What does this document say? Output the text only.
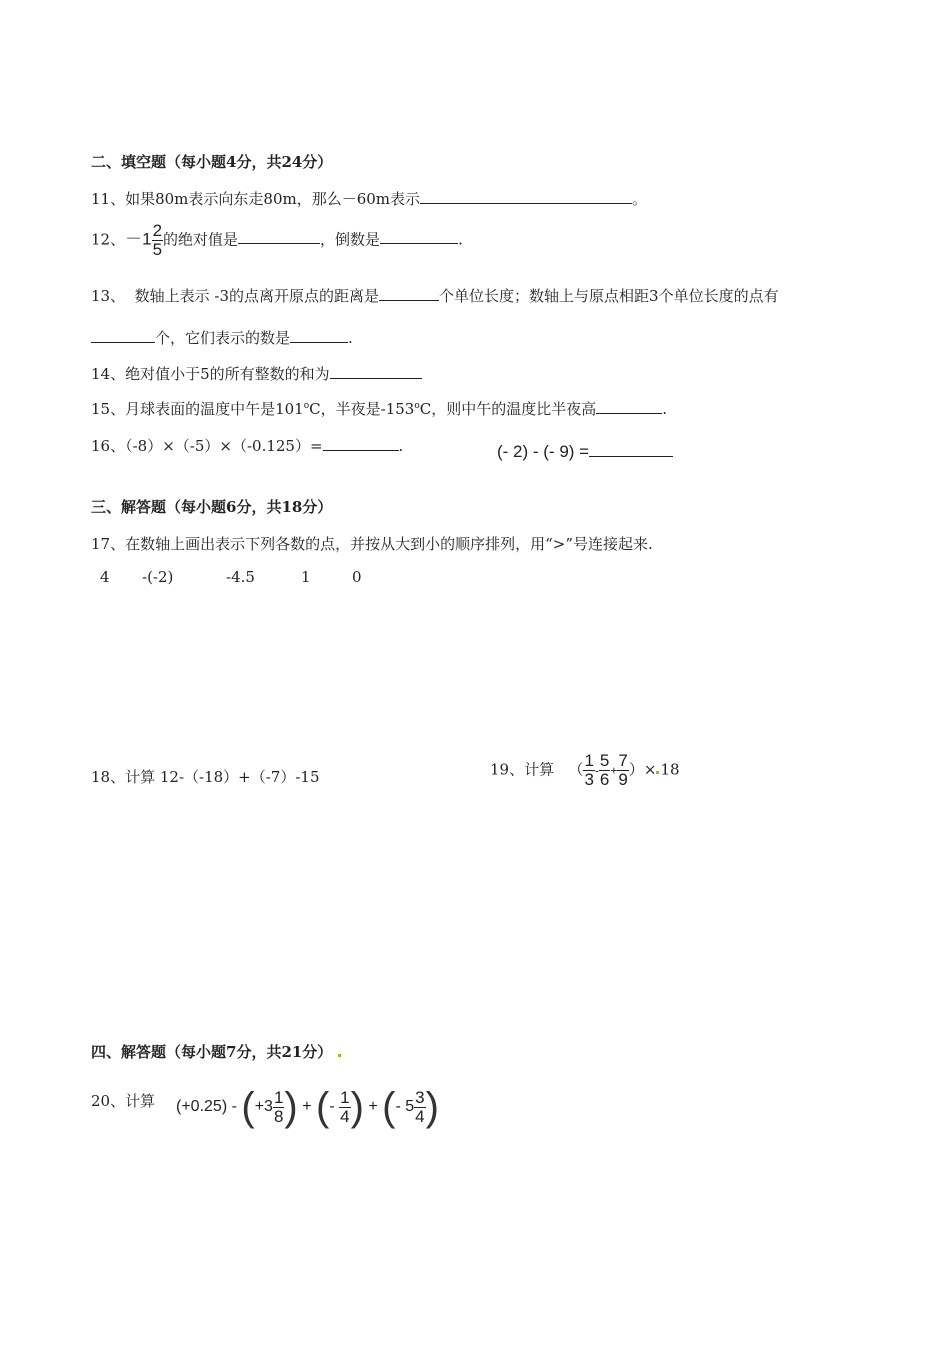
二、填空题（每小题4分，共24分）
11、如果80m表示向东走80m，那么－60m表示	。
12、$-1 \frac{2}{5}$ 的绝对值是	，倒数是	.
13、 数轴上表示 -3的点离开原点的距离是	个单位长度；数轴上与原点相距3个单位长度的点有
个，它们表示的数是	.
14、绝对值小于5的所有整数的和为
15、月球表面的温度中午是101$^o$C，半夜是-153$^o$C，则中午的温度比半夜高	.
16、（-8）×（-5）×（-0.125）=	.	(- 2) - (- 9) =
三、解答题（每小题6分，共18分）
17、在数轴上画出表示下列各数的点，并按从大到小的顺序排列，用“>”号连接起来.
4 -(-2)	-4.5	1	0
18、计算 12-（-18）+（-7）-15	19、计算 （ $\frac{1}{3} - \frac{5}{6} + \frac{7}{9}$ ）× 18
四、解答题（每小题7分，共21分）
20、计算 $(+0.25) - (+3 \frac{1}{8}$ ) + (- $\frac{1}{4}$ ) + (- $5 \frac{3}{4}$ )
